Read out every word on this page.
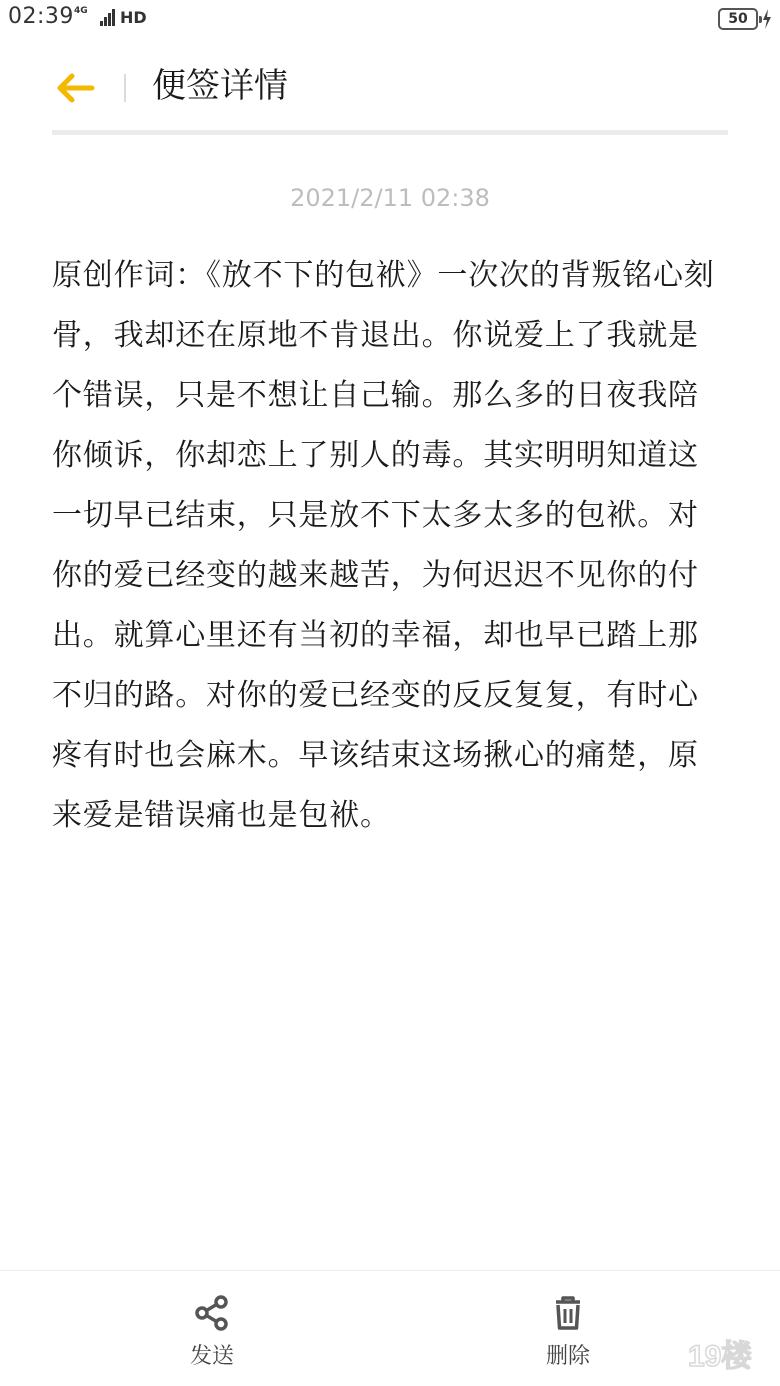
02:39 4G HD	50
便签详情
2021/2/11 02:38
原创作词：《放不下的包袱》一次次的背叛铭心刻骨，我却还在原地不肯退出。你说爱上了我就是个错误，只是不想让自己输。那么多的日夜我陪你倾诉，你却恋上了别人的毒。其实明明知道这一切早已结束，只是放不下太多太多的包袱。对你的爱已经变的越来越苦，为何迟迟不见你的付出。就算心里还有当初的幸福，却也早已踏上那不归的路。对你的爱已经变的反反复复，有时心疼有时也会麻木。早该结束这场揪心的痛楚，原来爱是错误痛也是包袱。
发送	删除	19楼
